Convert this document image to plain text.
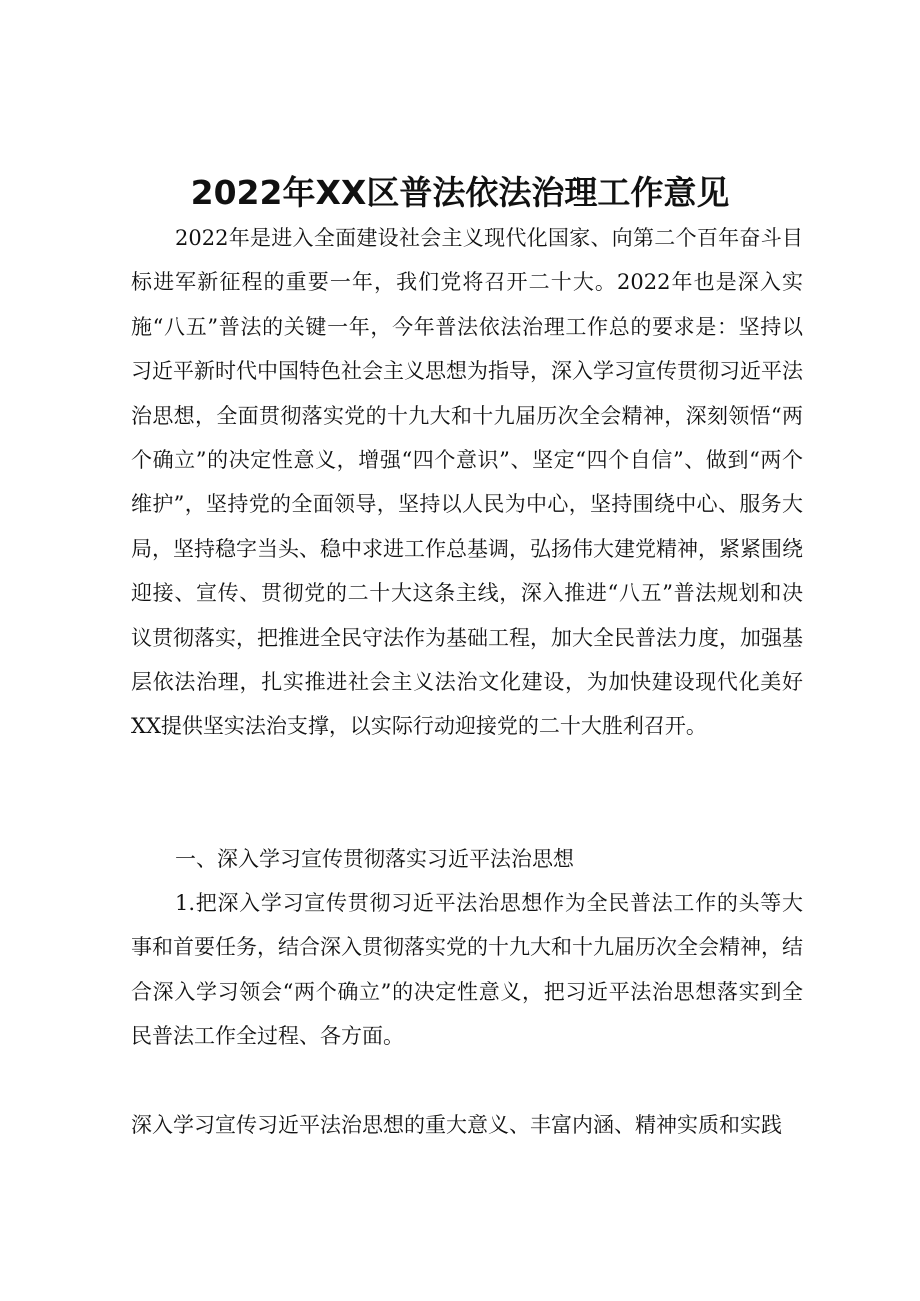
2022年XX区普法依法治理工作意见

2022年是进入全面建设社会主义现代化国家、向第二个百年奋斗目标进军新征程的重要一年，我们党将召开二十大。2022年也是深入实施“八五”普法的关键一年，今年普法依法治理工作总的要求是：坚持以习近平新时代中国特色社会主义思想为指导，深入学习宣传贯彻习近平法治思想，全面贯彻落实党的十九大和十九届历次全会精神，深刻领悟“两个确立”的决定性意义，增强“四个意识”、坚定“四个自信”、做到“两个维护”，坚持党的全面领导，坚持以人民为中心，坚持围绕中心、服务大局，坚持稳字当头、稳中求进工作总基调，弘扬伟大建党精神，紧紧围绕迎接、宣传、贯彻党的二十大这条主线，深入推进“八五”普法规划和决议贯彻落实，把推进全民守法作为基础工程，加大全民普法力度，加强基层依法治理，扎实推进社会主义法治文化建设，为加快建设现代化美好XX提供坚实法治支撑，以实际行动迎接党的二十大胜利召开。

一、深入学习宣传贯彻落实习近平法治思想

1.把深入学习宣传贯彻习近平法治思想作为全民普法工作的头等大事和首要任务，结合深入贯彻落实党的十九大和十九届历次全会精神，结合深入学习领会“两个确立”的决定性意义，把习近平法治思想落实到全民普法工作全过程、各方面。

深入学习宣传习近平法治思想的重大意义、丰富内涵、精神实质和实践
